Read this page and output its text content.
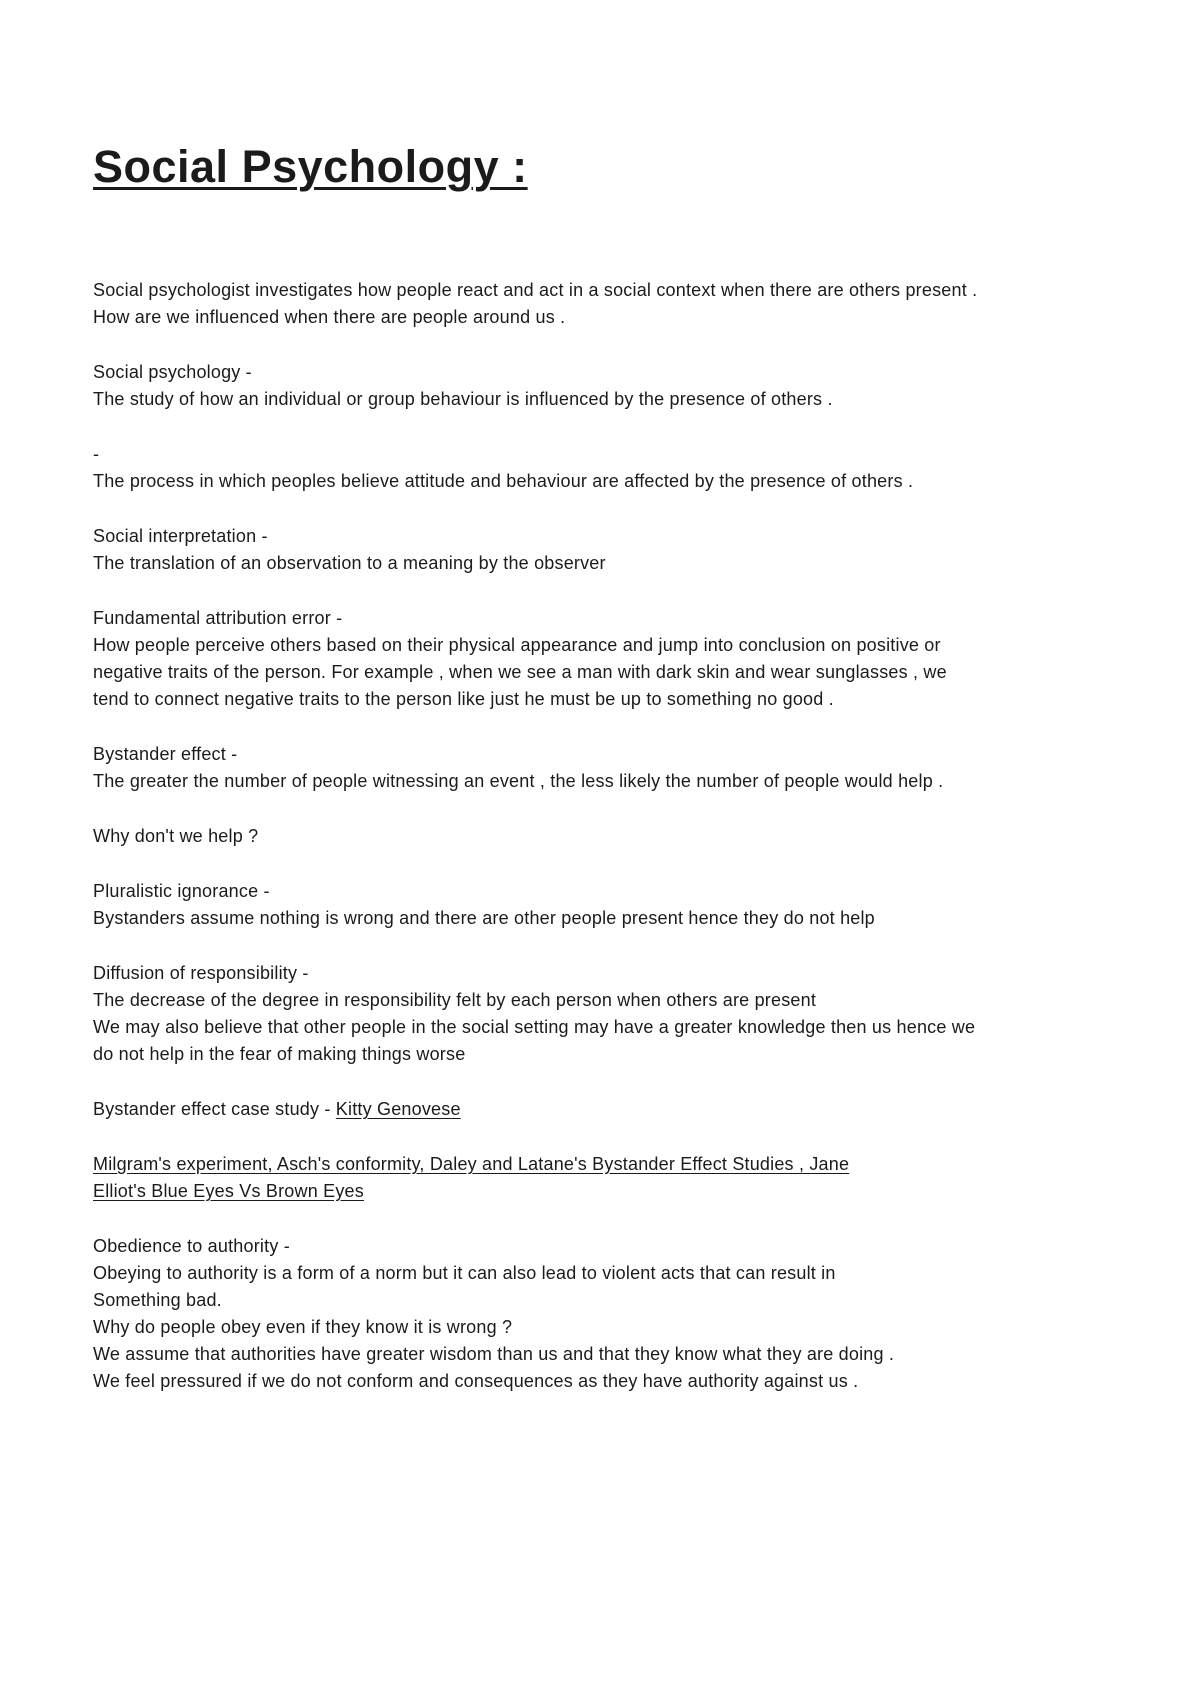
Social Psychology :

Social psychologist investigates how people react and act in a social context when there are others present .
How are we influenced when there are people around us .

Social psychology -
The study of how an individual or group behaviour is influenced by the presence of others .

-
The process in which peoples believe attitude and behaviour are affected by the presence of others .

Social interpretation -
The translation of an observation to a meaning by the observer

Fundamental attribution error -
How people perceive others based on their physical appearance and jump into conclusion on positive or
negative traits of the person. For example , when we see a man with dark skin and wear sunglasses , we
tend to connect negative traits to the person like just he must be up to something no good .

Bystander effect -
The greater the number of people witnessing an event , the less likely the number of people would help .

Why don't we help ?

Pluralistic ignorance -
Bystanders assume nothing is wrong and there are other people present hence they do not help

Diffusion of responsibility -
The decrease of the degree in responsibility felt by each person when others are present
We may also believe that other people in the social setting may have a greater knowledge then us hence we
do not help in the fear of making things worse

Bystander effect case study - Kitty Genovese

Milgram's experiment, Asch's conformity, Daley and Latane's Bystander Effect Studies , Jane
Elliot's Blue Eyes Vs Brown Eyes

Obedience to authority -
Obeying to authority is a form of a norm but it can also lead to violent acts that can result in
Something bad.
Why do people obey even if they know it is wrong ?
We assume that authorities have greater wisdom than us and that they know what they are doing .
We feel pressured if we do not conform and consequences as they have authority against us .
